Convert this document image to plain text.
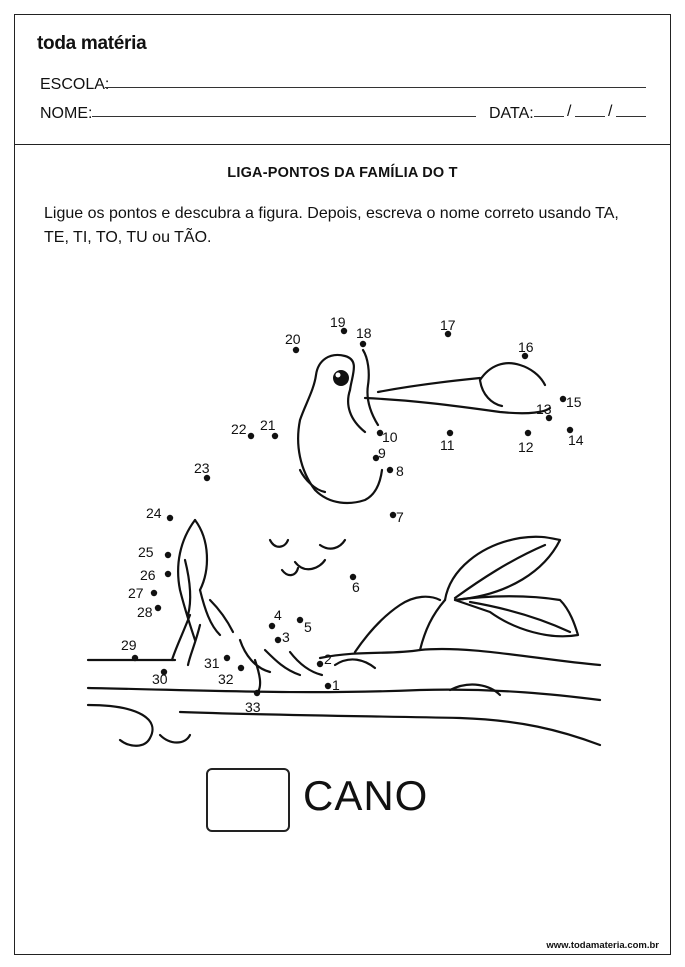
toda matéria
ESCOLA:
NOME:	DATA: / /
LIGA-PONTOS DA FAMÍLIA DO T
Ligue os pontos e descubra a figura. Depois, escreva o nome correto usando TA, TE, TI, TO, TU ou TÃO.
1
2
3
4
5
6
7
8
9
10	11	12
13
14
15
16
17
18
19
20
21
22
23
24
25
26
27
28
29
30
31
32
33
CANO
www.todamateria.com.br
